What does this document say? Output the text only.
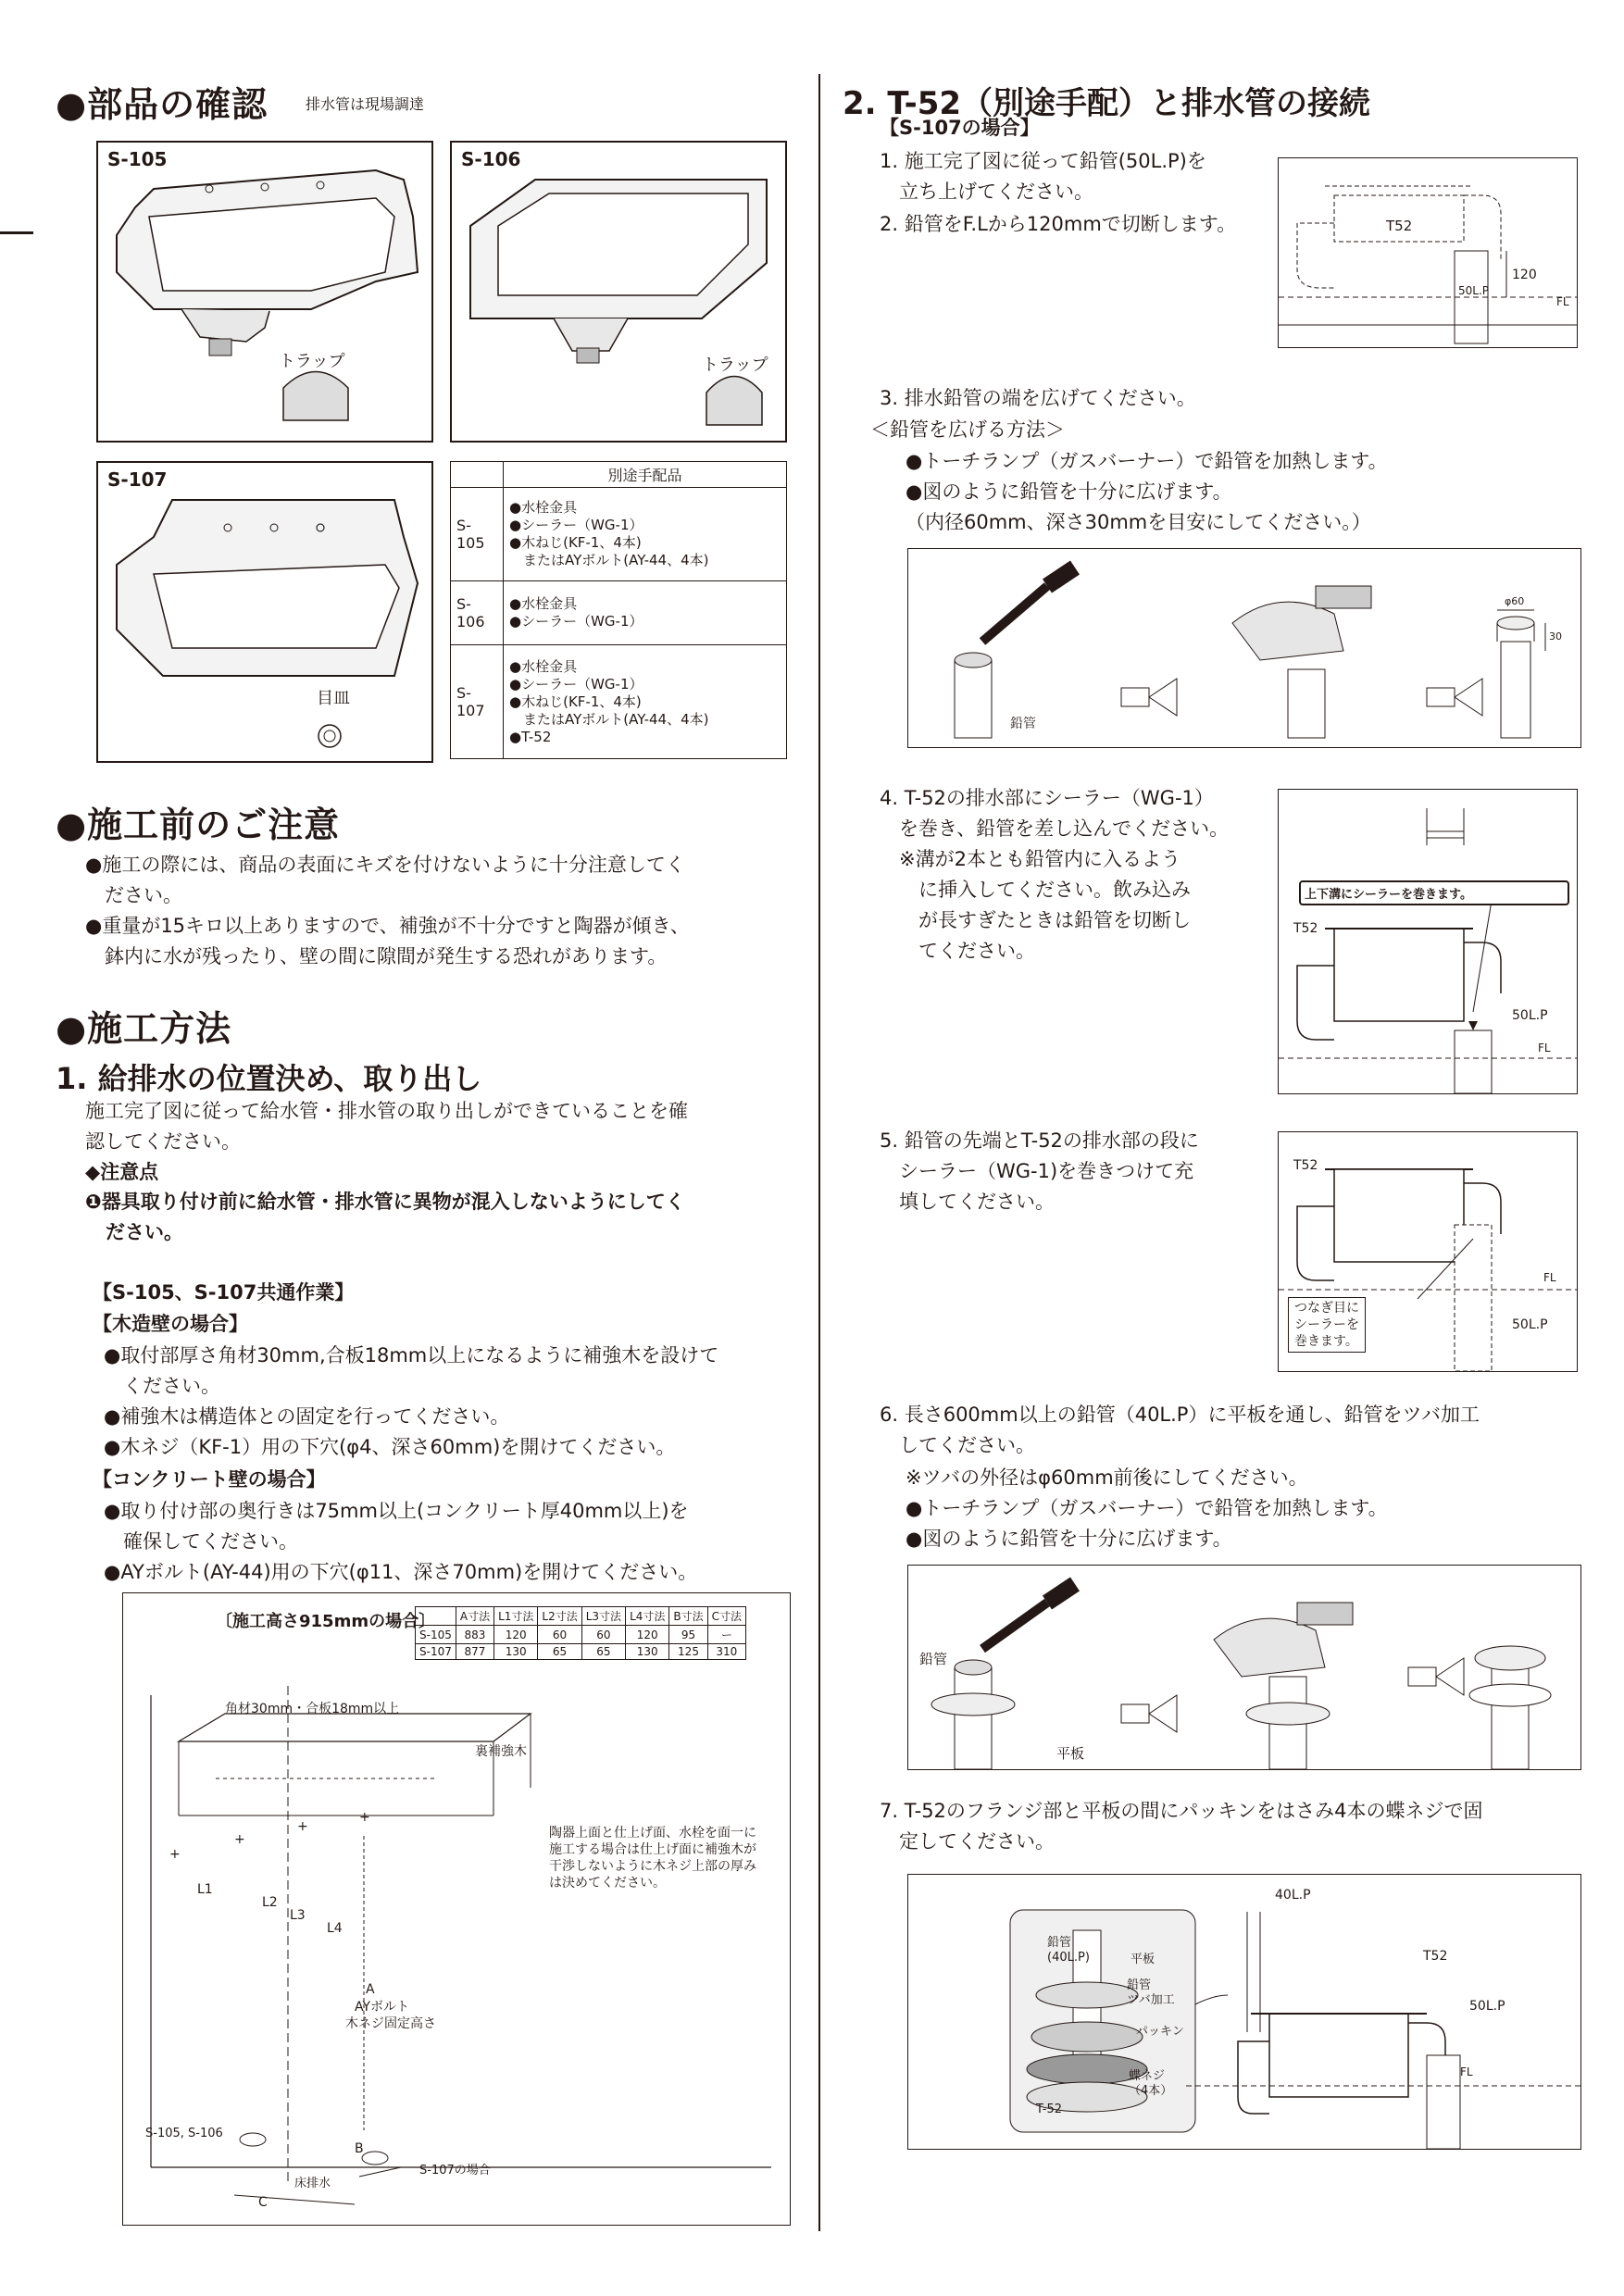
●部品の確認	排水管は現場調達
S-105
トラップ
S-106
トラップ
S-107
目皿
	別途手配品
S-105	●水栓金具
●シーラー（WG-1）
●木ねじ(KF-1、4本)
　またはAYボルト(AY-44、4本)

S-106	●水栓金具
●シーラー（WG-1）

S-107	●水栓金具
●シーラー（WG-1）
●木ねじ(KF-1、4本)
　またはAYボルト(AY-44、4本)
●T-52
●施工前のご注意
●施工の際には、商品の表面にキズを付けないように十分注意してく
　ださい。
●重量が15キロ以上ありますので、補強が不十分ですと陶器が傾き、
　鉢内に水が残ったり、壁の間に隙間が発生する恐れがあります。
●施工方法
1. 給排水の位置決め、取り出し
施工完了図に従って給水管・排水管の取り出しができていることを確
認してください。
◆注意点
❶器具取り付け前に給水管・排水管に異物が混入しないようにしてく
ださい。
【S-105、S-107共通作業】
【木造壁の場合】
●取付部厚さ角材30mm,合板18mm以上になるように補強木を設けて
　ください。
●補強木は構造体との固定を行ってください。
●木ネジ（KF-1）用の下穴(φ4、深さ60mm)を開けてください。
【コンクリート壁の場合】
●取り付け部の奥行きは75mm以上(コンクリート厚40mm以上)を
　確保してください。
●AYボルト(AY-44)用の下穴(φ11、深さ70mm)を開けてください。
〔施工高さ915mmの場合〕
	A寸法	L1寸法	L2寸法	L3寸法	L4寸法	B寸法	C寸法
S-105	883	120	60	60	120	95	ー
S-107	877	130	65	65	130	125	310
+
+
+
+
角材30mm・合板18mm以上
裏補強木
陶器上面と仕上げ面、水栓を面一に
施工する場合は仕上げ面に補強木が
干渉しないように木ネジ上部の厚み
は決めてください。
L1
L2
L3
L4
A
AYボルト
木ネジ固定高さ
S-105, S-106
B
床排水
S-107の場合
C
2. T-52（別途手配）と排水管の接続
【S-107の場合】
1. 施工完了図に従って鉛管(50L.P)を
　立ち上げてください。
2. 鉛管をF.Lから120mmで切断します。	T52
50L.P
120
FL
3. 排水鉛管の端を広げてください。
＜鉛管を広げる方法＞
●トーチランプ（ガスバーナー）で鉛管を加熱します。
●図のように鉛管を十分に広げます。
（内径60mm、深さ30mmを目安にしてください。）
鉛管
φ60
30
4. T-52の排水部にシーラー（WG-1）
　を巻き、鉛管を差し込んでください。
　※溝が2本とも鉛管内に入るよう
　　に挿入してください。飲み込み
　　が長すぎたときは鉛管を切断し
　　てください。
上下溝にシーラーを巻きます。
T52
50L.P
FL
5. 鉛管の先端とT-52の排水部の段に
　シーラー（WG-1)を巻きつけて充
　填してください。
T52
FL
50L.P
つなぎ目に
シーラーを
巻きます。
6. 長さ600mm以上の鉛管（40L.P）に平板を通し、鉛管をツバ加工
　してください。
※ツバの外径はφ60mm前後にしてください。
●トーチランプ（ガスバーナー）で鉛管を加熱します。
●図のように鉛管を十分に広げます。
鉛管
平板
7. T-52のフランジ部と平板の間にパッキンをはさみ4本の蝶ネジで固
　定してください。
鉛管
(40L.P)	平板
鉛管
ツバ加工
パッキン
T-52
蝶ネジ
（4本）
40L.P
T52
50L.P
FL
